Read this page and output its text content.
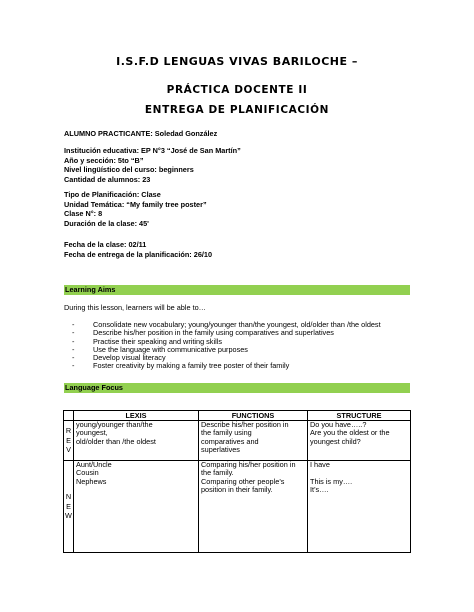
I.S.F.D LENGUAS VIVAS BARILOCHE –
PRÁCTICA DOCENTE II
ENTREGA DE PLANIFICACIÓN
ALUMNO PRACTICANTE: Soledad González
Institución educativa: EP N°3 “José de San Martín”
Año y sección: 5to “B”
Nivel lingüístico del curso: beginners
Cantidad de alumnos: 23
Tipo de Planificación: Clase
Unidad Temática: “My family tree poster”
Clase N°: 8
Duración de la clase: 45'
Fecha de la clase: 02/11
Fecha de entrega de la planificación: 26/10
Learning Aims
During this lesson, learners will be able to…
-	Consolidate new vocabulary; young/younger than/the youngest, old/older than /the oldest
-	Describe his/her position in the family using comparatives and superlatives
-	Practise their speaking and writing skills
-	Use the language with communicative purposes
-	Develop visual literacy
-	Foster creativity by making a family tree poster of their family
Language Focus
	LEXIS	FUNCTIONS	STRUCTURE

R
E
V	young/younger than/the
youngest,
old/older than /the oldest	Describe his/her position in
the family using
comparatives and
superlatives	Do you have…..?
Are you the oldest or the
youngest child?

N
E
W	Aunt/Uncle
Cousin
Nephews	Comparing his/her position in
the family.
Comparing other people’s
position in their family.	I have
This is my….
It’s….
